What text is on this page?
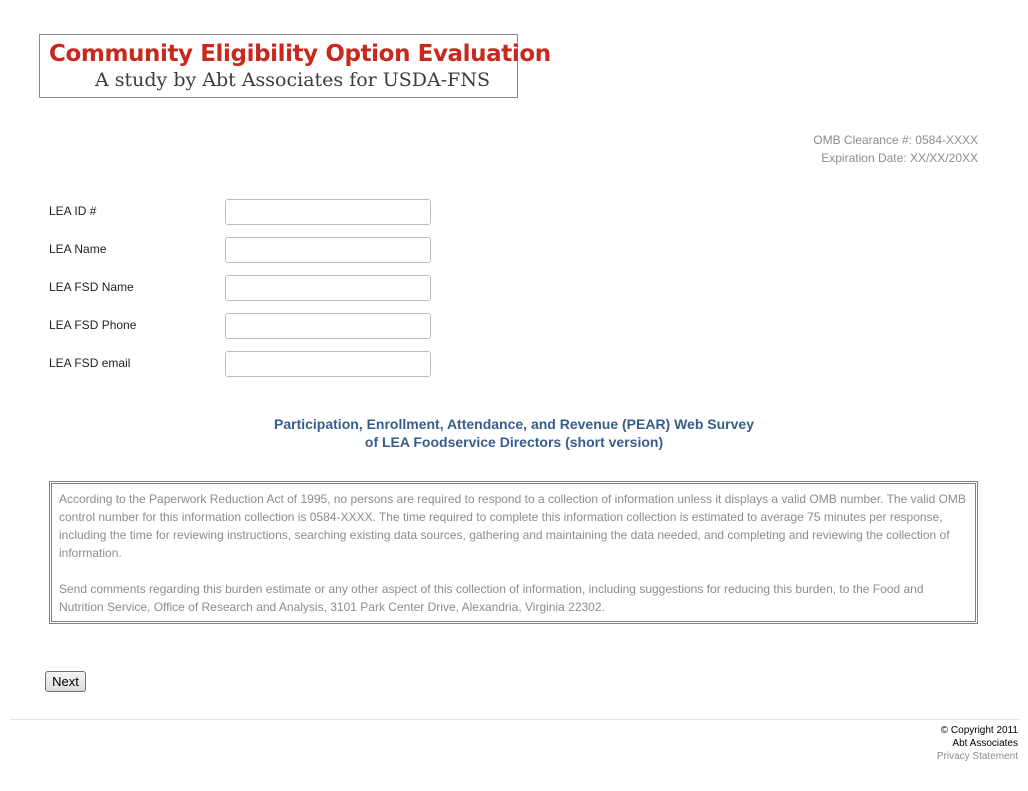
Community Eligibility Option Evaluation
A study by Abt Associates for USDA-FNS
OMB Clearance #: 0584-XXXX
Expiration Date: XX/XX/20XX
LEA ID #
LEA Name
LEA FSD Name
LEA FSD Phone
LEA FSD email
Participation, Enrollment, Attendance, and Revenue (PEAR) Web Survey
of LEA Foodservice Directors (short version)

According to the Paperwork Reduction Act of 1995, no persons are required to respond to a collection of information unless it displays a valid OMB number. The valid OMB control number for this information collection is 0584-XXXX. The time required to complete this information collection is estimated to average 75 minutes per response, including the time for reviewing instructions, searching existing data sources, gathering and maintaining the data needed, and completing and reviewing the collection of information.

Send comments regarding this burden estimate or any other aspect of this collection of information, including suggestions for reducing this burden, to the Food and Nutrition Service, Office of Research and Analysis, 3101 Park Center Drive, Alexandria, Virginia 22302.

Next
© Copyright 2011
Abt Associates
Privacy Statement
